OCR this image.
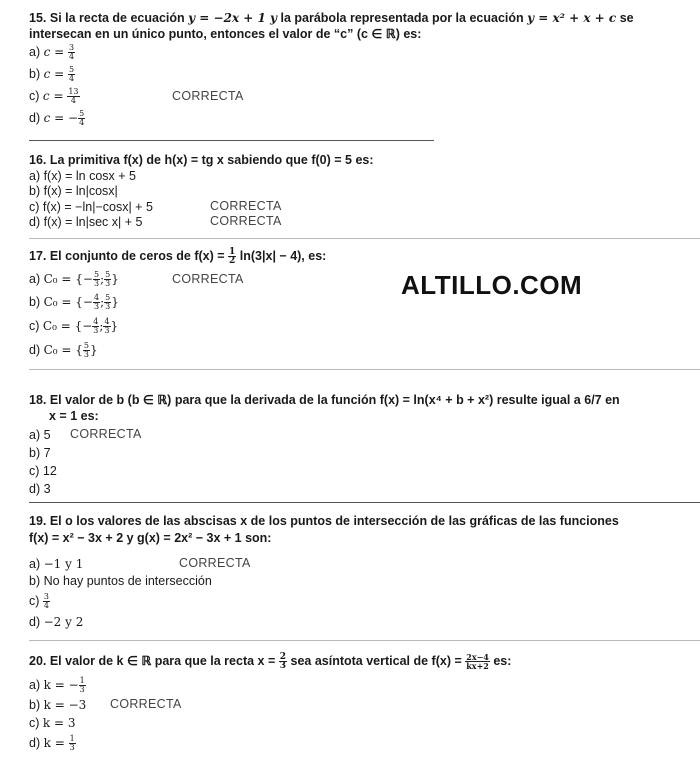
ALTILLO.COM
15. Si la recta de ecuación y = −2x + 1 y la parábola representada por la ecuación y = x² + x + c se
intersecan en un único punto, entonces el valor de “c” (c ∈ ℝ) es:
a) $c = \frac{3}{4}$
b) $c = \frac{5}{4}$
c) $c = \frac{13}{4}$	CORRECTA
d) c = − $\frac{5}{4}$
16. La primitiva f(x) de h(x) = tg x sabiendo que f(0) = 5 es:
a) f(x) = ln cosx + 5
b) f(x) = ln|cosx|
c) f(x) = −ln|−cosx| + 5	CORRECTA
d) f(x) = ln|sec x| + 5	CORRECTA
17. El conjunto de ceros de $f(x) = \frac{1}{2} \ln(3|x| - 4)$, es:
a) C₀ = {− $\frac{5}{3}$ ; $\frac{5}{3}$ }	CORRECTA
b) C₀ = {− $\frac{4}{3}$ ; $\frac{5}{3}$ }
c) C₀ = {− $\frac{4}{3}$ ; $\frac{4}{3}$ }
d) C₀ = { $\frac{5}{3}$ }
18. El valor de b (b ∈ ℝ) para que la derivada de la función f(x) = ln(x⁴ + b + x²) resulte igual a 6/7 en
x = 1 es:
a) 5 CORRECTA
b) 7
c) 12
d) 3
19. El o los valores de las abscisas x de los puntos de intersección de las gráficas de las funciones
f(x) = x² − 3x + 2 y g(x) = 2x² − 3x + 1 son:
a) −1 y 1	CORRECTA
b) No hay puntos de intersección
$c) \frac{3}{4}$
d) −2 y 2
20. El valor de k ∈ ℝ para que la recta $x = \frac{2}{3}$ sea asíntota vertical de $f(x) = \frac{2x-4}{kx+2}$ es:
a) k = − $\frac{1}{3}$
b) k = −3 CORRECTA
c) k = 3
d) $k = \frac{1}{3}$
